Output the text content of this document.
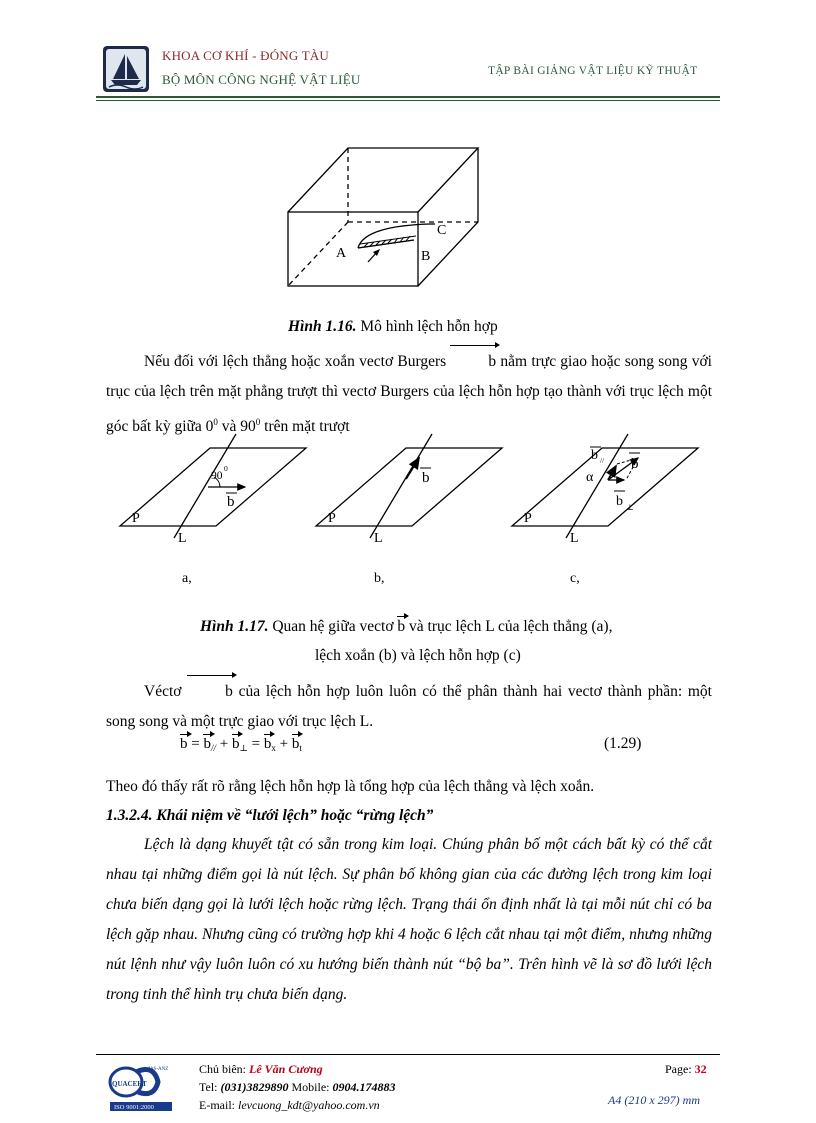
KHOA CƠ KHÍ - ĐÓNG TÀU
BỘ MÔN CÔNG NGHỆ VẬT LIỆU
TẬP BÀI GIẢNG VẬT LIỆU KỸ THUẬT
A	B
C
Hình 1.16. Mô hình lệch hỗn hợp
Nếu đối với lệch thẳng hoặc xoắn vectơ Burgers b nằm trực giao hoặc song song với trục của lệch trên mặt phẳng trượt thì vectơ Burgers của lệch hỗn hợp tạo thành với trục lệch một góc bất kỳ giữa $0^0$ và $90^0$ trên mặt trượt
90
0
b
P
L
a,
b
P
L
b,
b // b
α
b ⊥
P
L
c,
Hình 1.17. Quan hệ giữa vectơ b và trục lệch L của lệch thẳng (a),
lệch xoắn (b) và lệch hỗn hợp (c)
Véctơ b của lệch hỗn hợp luôn luôn có thể phân thành hai vectơ thành phần: một song song và một trực giao với trục lệch L.
$b = b_{//} + b_\perp = b_x + b_t$	(1.29)
Theo đó thấy rất rõ rằng lệch hỗn hợp là tổng hợp của lệch thẳng và lệch xoắn.
1.3.2.4. Khái niệm về “lưới lệch” hoặc “rừng lệch”
Lệch là dạng khuyết tật có sẵn trong kim loại. Chúng phân bố một cách bất kỳ có thể cắt nhau tại những điểm gọi là nút lệch. Sự phân bố không gian của các đường lệch trong kim loại chưa biến dạng gọi là lưới lệch hoặc rừng lệch. Trạng thái ổn định nhất là tại mỗi nút chỉ có ba lệch gặp nhau. Nhưng cũng có trường hợp khi 4 hoặc 6 lệch cắt nhau tại một điểm, nhưng những nút lệnh như vậy luôn luôn có xu hướng biến thành nút “bộ ba”. Trên hình vẽ là sơ đồ lưới lệch trong tinh thể hình trụ chưa biến dạng.
QUACERT
JAS-ANZ
ISO 9001:2000
Chủ biên: Lê Văn Cương
Tel: (031)3829890 Mobile: 0904.174883
E-mail: levcuong_kdt@yahoo.com.vn
Page: 32
A4 (210 x 297) mm
